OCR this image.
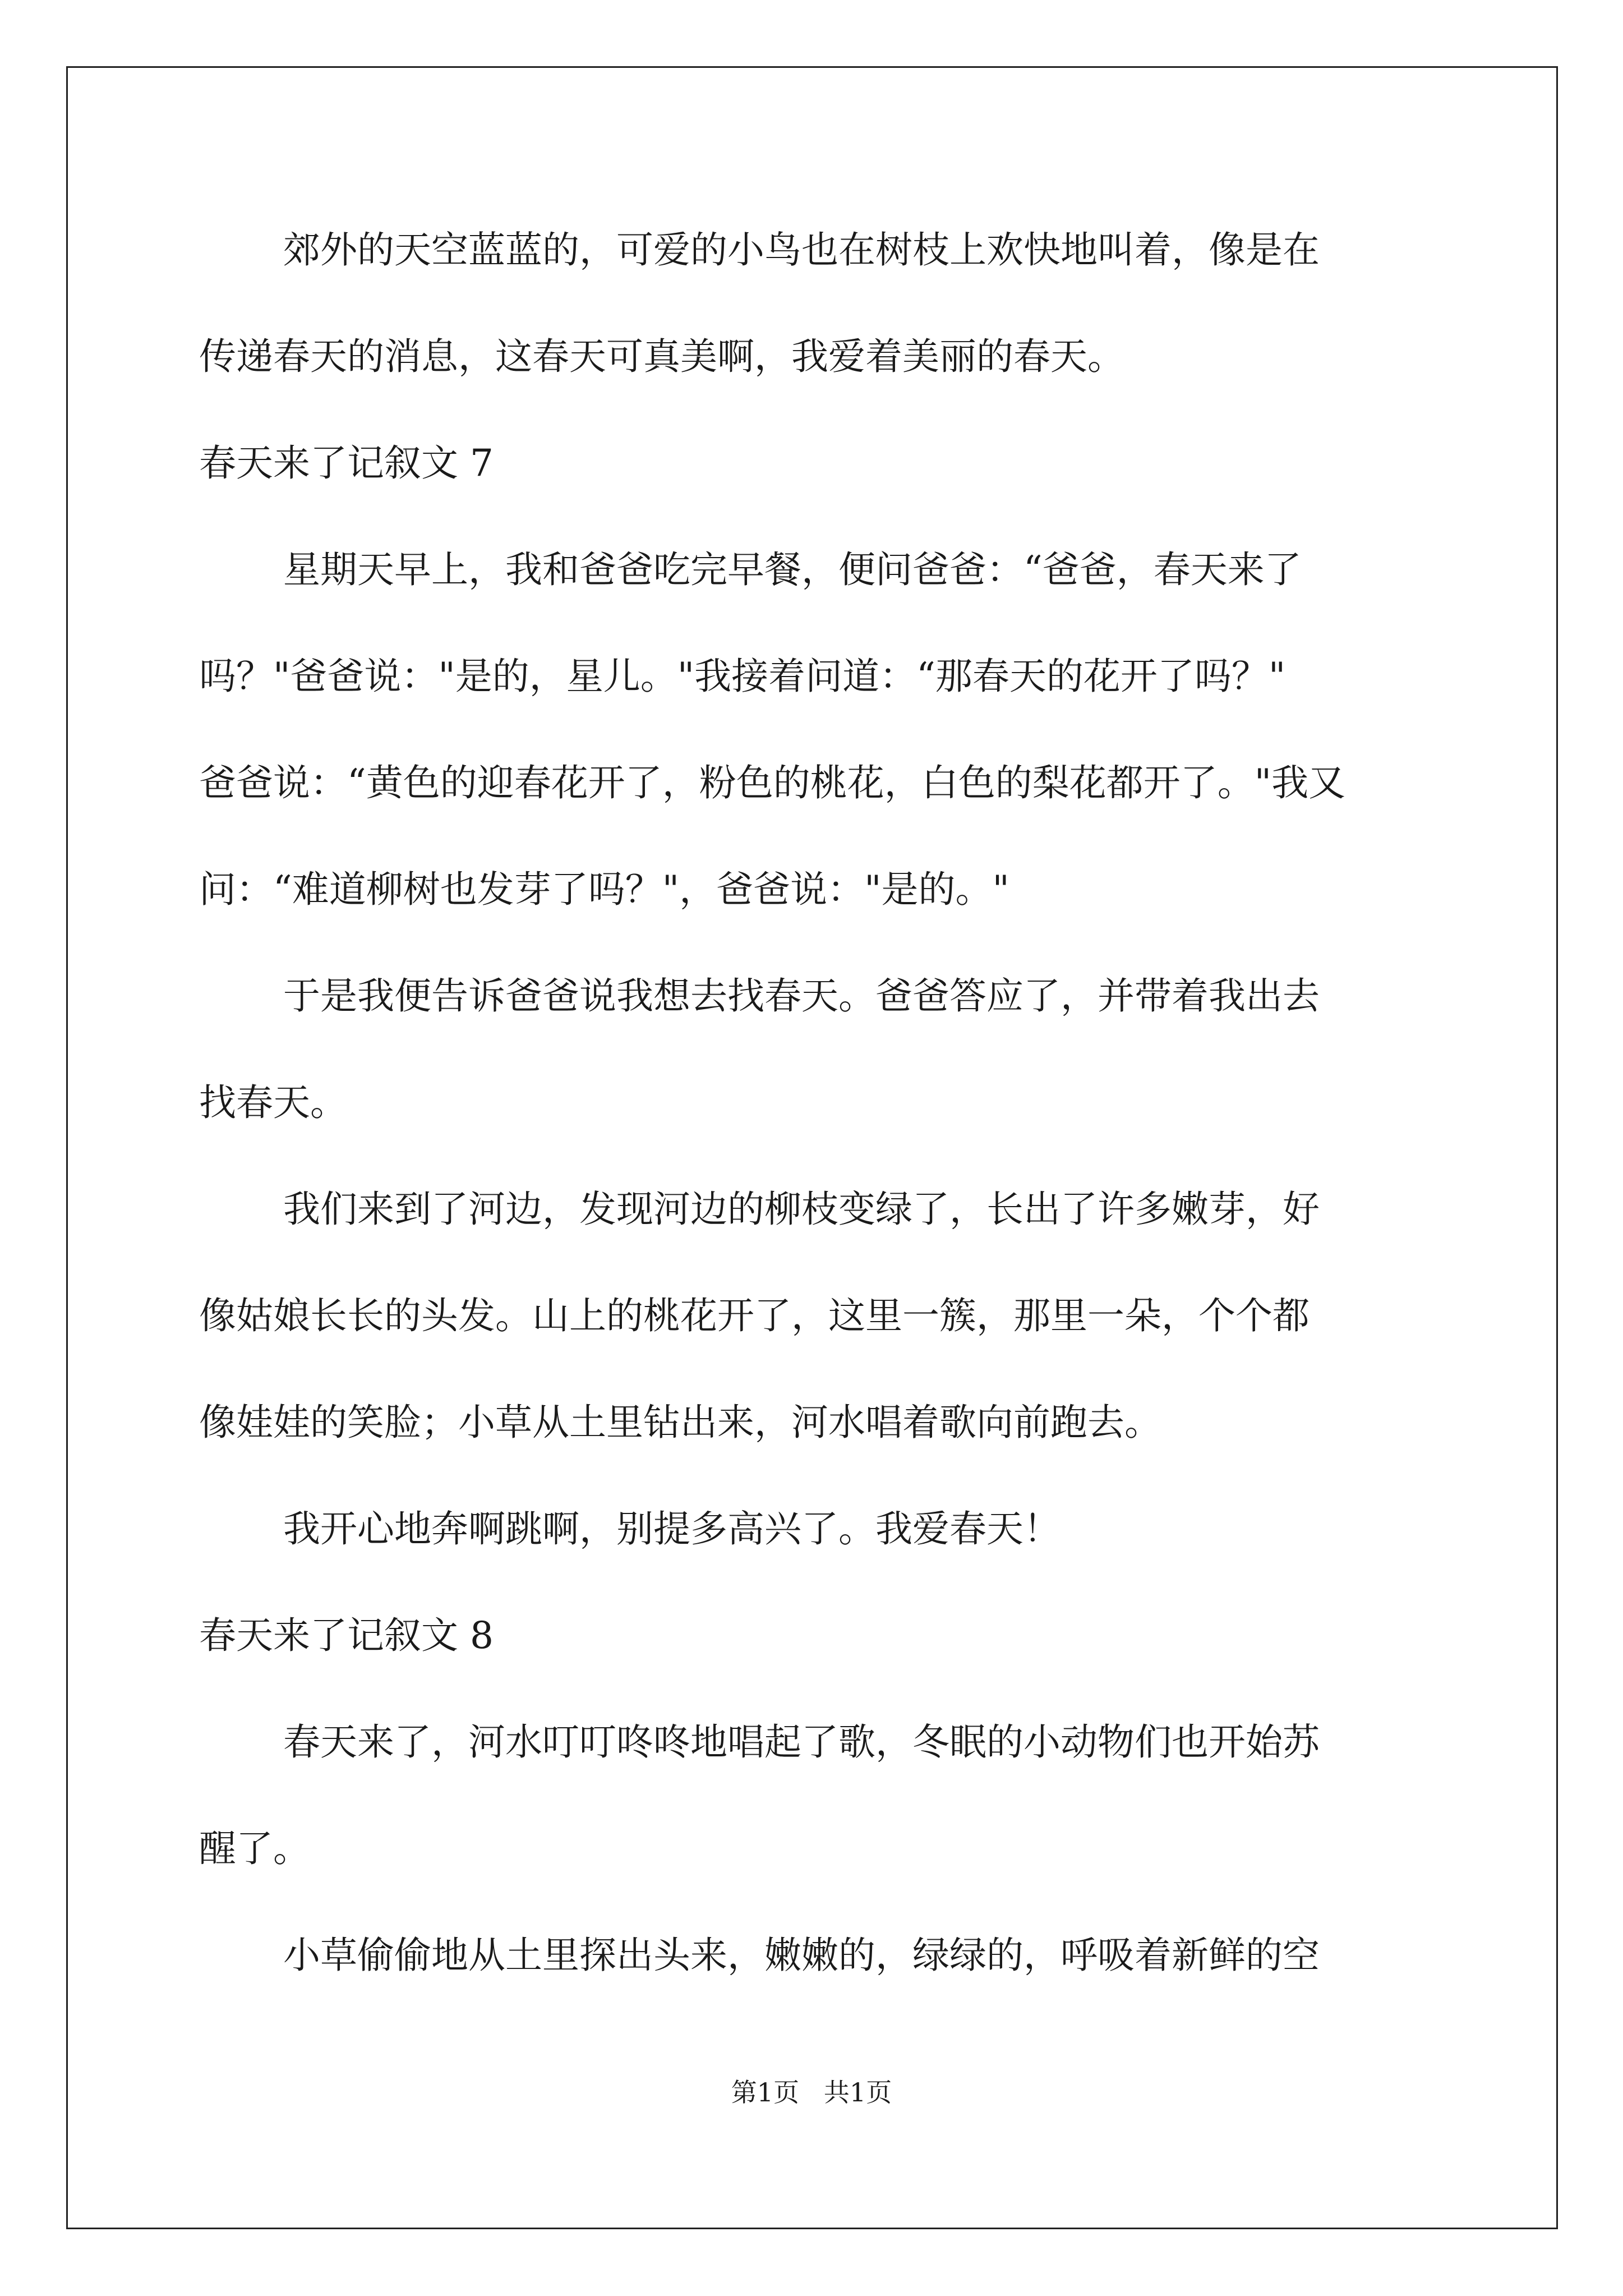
郊外的天空蓝蓝的，可爱的小鸟也在树枝上欢快地叫着，像是在
传递春天的消息，这春天可真美啊，我爱着美丽的春天。
春天来了记叙文 7
星期天早上，我和爸爸吃完早餐，便问爸爸：“爸爸，春天来了
吗？"爸爸说："是的，星儿。"我接着问道：“那春天的花开了吗？"
爸爸说：“黄色的迎春花开了，粉色的桃花，白色的梨花都开了。"我又
问：“难道柳树也发芽了吗？"，爸爸说："是的。"
于是我便告诉爸爸说我想去找春天。爸爸答应了，并带着我出去
找春天。
我们来到了河边，发现河边的柳枝变绿了，长出了许多嫩芽，好
像姑娘长长的头发。山上的桃花开了，这里一簇，那里一朵，个个都
像娃娃的笑脸；小草从土里钻出来，河水唱着歌向前跑去。
我开心地奔啊跳啊，别提多高兴了。我爱春天！
春天来了记叙文 8
春天来了，河水叮叮咚咚地唱起了歌，冬眠的小动物们也开始苏
醒了。
小草偷偷地从土里探出头来，嫩嫩的，绿绿的，呼吸着新鲜的空
第1页   共1页
